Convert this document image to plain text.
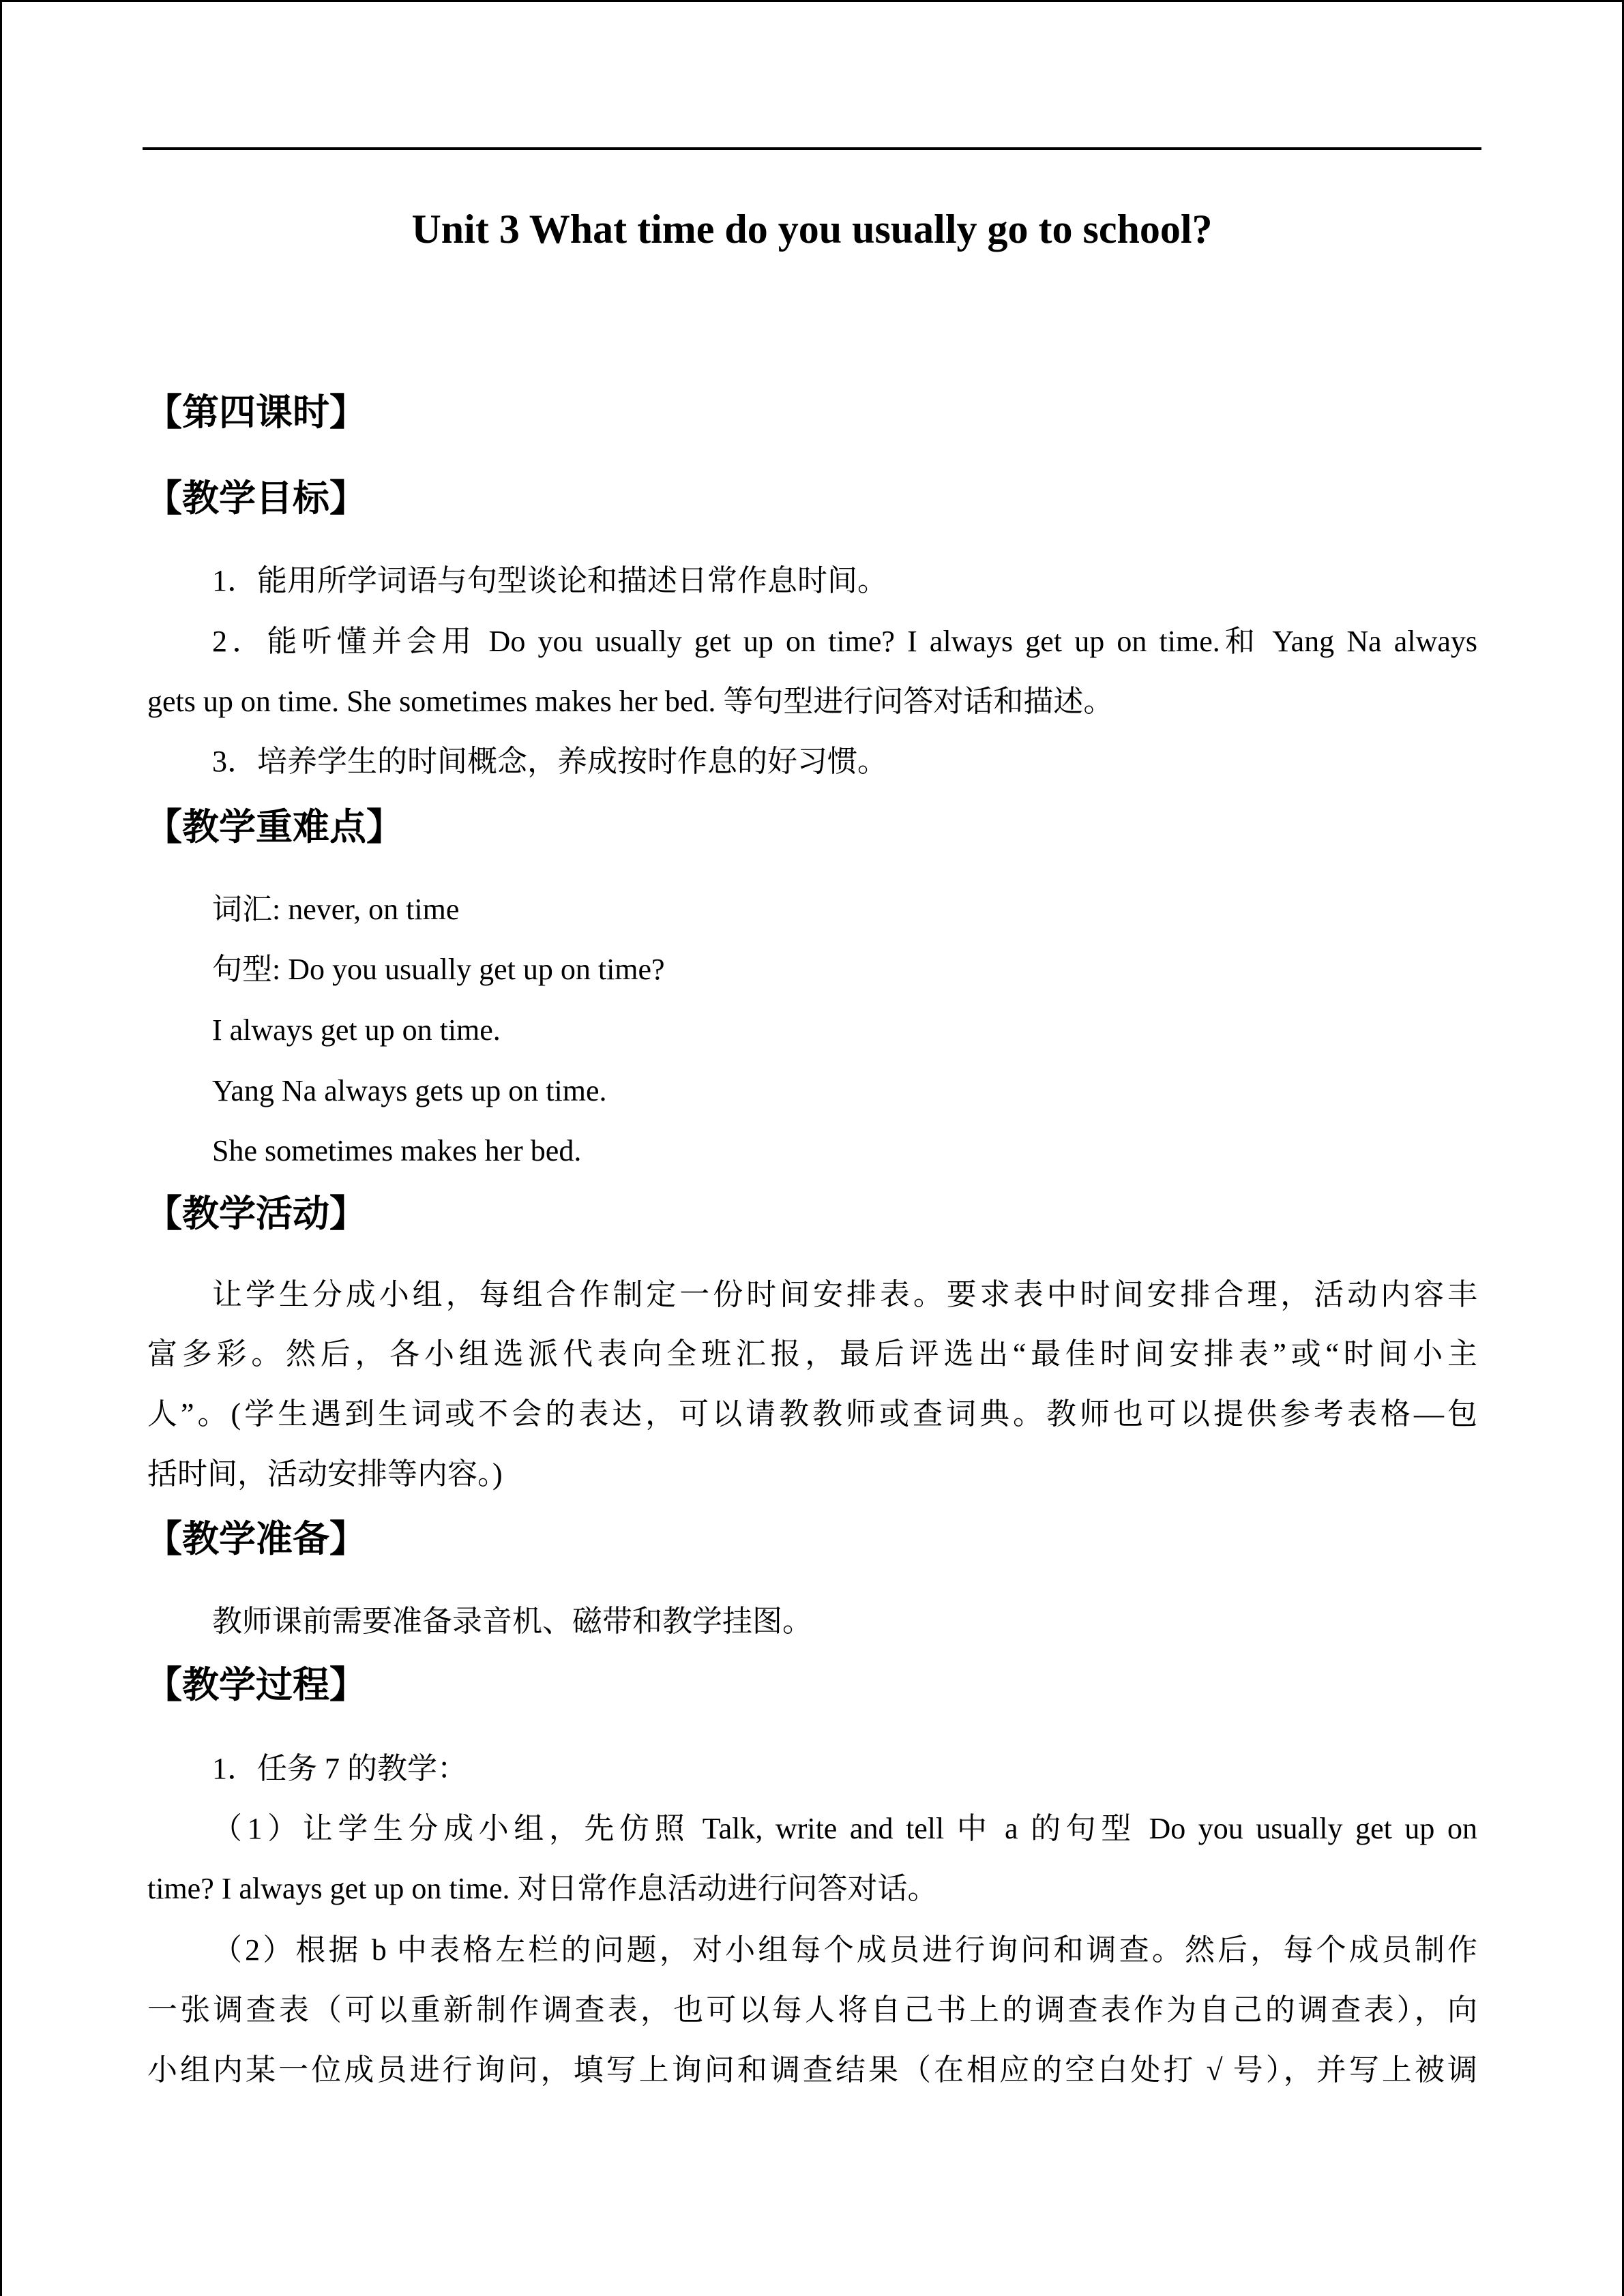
Unit 3 What time do you usually go to school?
【第四课时】
【教学目标】
1．能用所学词语与句型谈论和描述日常作息时间。
2．能听懂并会用 Do you usually get up on time? I always get up on time.和 Yang Na always
gets up on time. She sometimes makes her bed. 等句型进行问答对话和描述。
3．培养学生的时间概念，养成按时作息的好习惯。
【教学重难点】
词汇: never, on time
句型: Do you usually get up on time?
I always get up on time.
Yang Na always gets up on time.
She sometimes makes her bed.
【教学活动】
让学生分成小组，每组合作制定一份时间安排表。要求表中时间安排合理，活动内容丰
富多彩。然后，各小组选派代表向全班汇报，最后评选出“最佳时间安排表”或“时间小主
人”。(学生遇到生词或不会的表达，可以请教教师或查词典。教师也可以提供参考表格—包
括时间，活动安排等内容。)
【教学准备】
教师课前需要准备录音机、磁带和教学挂图。
【教学过程】
1．任务 7 的教学：
（1）让学生分成小组，先仿照 Talk, write and tell 中 a 的句型 Do you usually get up on
time? I always get up on time. 对日常作息活动进行问答对话。
（2）根据 b 中表格左栏的问题，对小组每个成员进行询问和调查。然后，每个成员制作
一张调查表（可以重新制作调查表，也可以每人将自己书上的调查表作为自己的调查表），向
小组内某一位成员进行询问，填写上询问和调查结果（在相应的空白处打 √ 号），并写上被调
